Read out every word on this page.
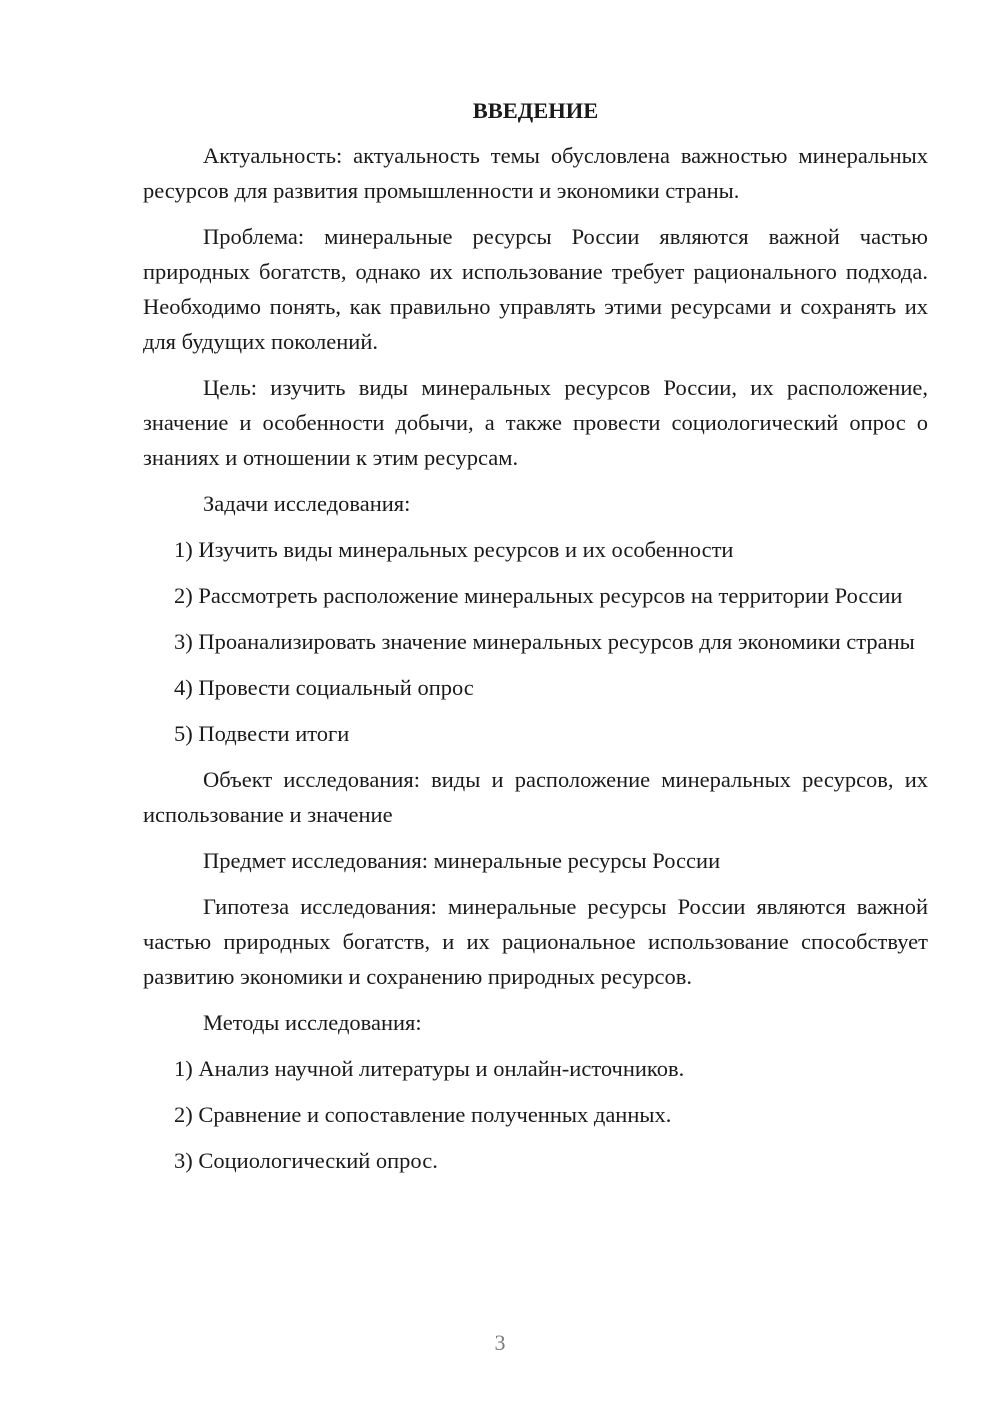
ВВЕДЕНИЕ

Актуальность: актуальность темы обусловлена важностью минеральных ресурсов для развития промышленности и экономики страны.

Проблема: минеральные ресурсы России являются важной частью природных богатств, однако их использование требует рационального подхода. Необходимо понять, как правильно управлять этими ресурсами и сохранять их для будущих поколений.

Цель: изучить виды минеральных ресурсов России, их расположение, значение и особенности добычи, а также провести социологический опрос о знаниях и отношении к этим ресурсам.

Задачи исследования:

1) Изучить виды минеральных ресурсов и их особенности

2) Рассмотреть расположение минеральных ресурсов на территории России

3) Проанализировать значение минеральных ресурсов для экономики страны

4) Провести социальный опрос

5) Подвести итоги

Объект исследования: виды и расположение минеральных ресурсов, их использование и значение

Предмет исследования: минеральные ресурсы России

Гипотеза исследования: минеральные ресурсы России являются важной частью природных богатств, и их рациональное использование способствует развитию экономики и сохранению природных ресурсов.

Методы исследования:

1) Анализ научной литературы и онлайн-источников.

2) Сравнение и сопоставление полученных данных.

3) Социологический опрос.

3
